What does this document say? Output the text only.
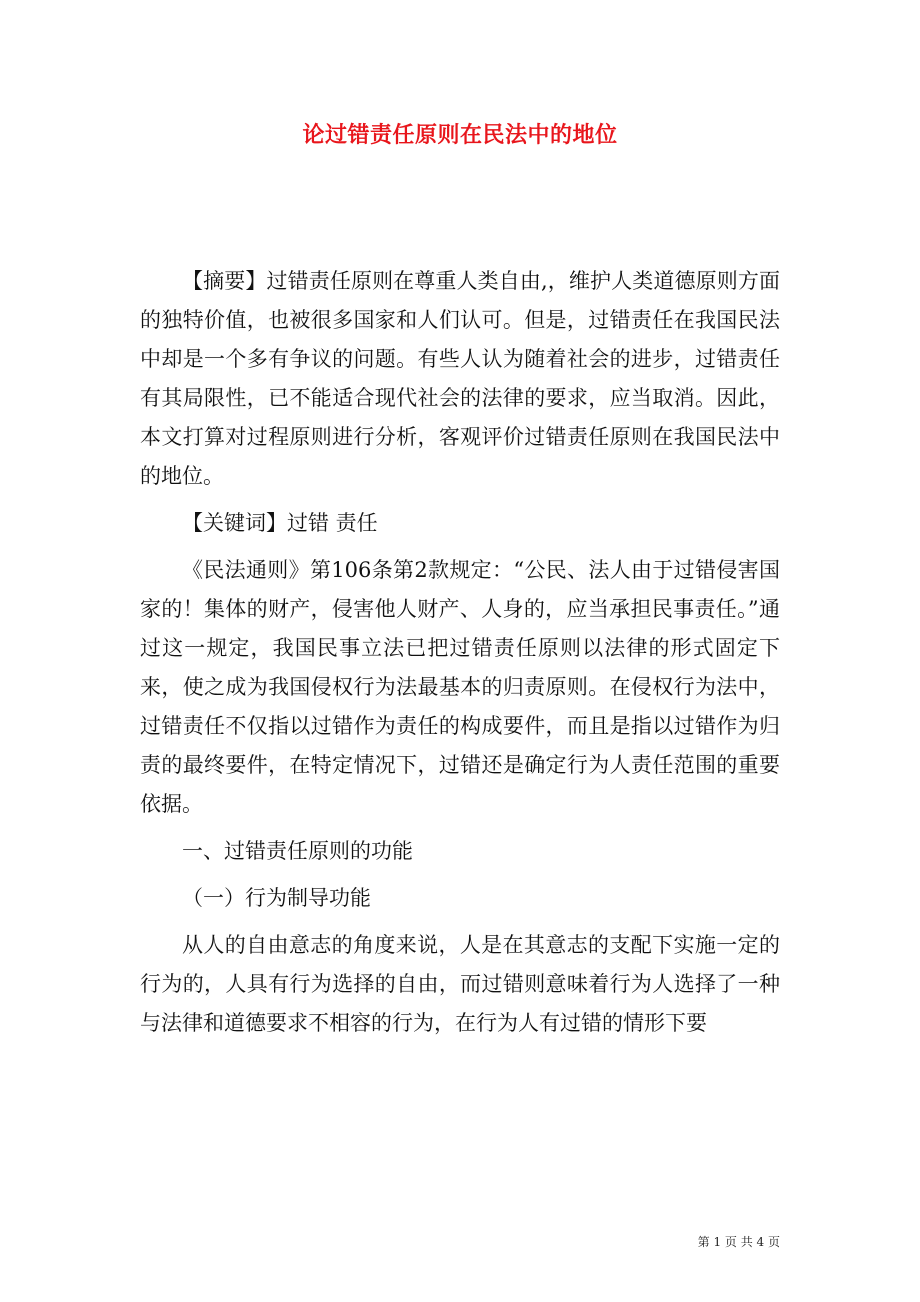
论过错责任原则在民法中的地位

【摘要】过错责任原则在尊重人类自由,，维护人类道德原则方面的独特价值，也被很多国家和人们认可。但是，过错责任在我国民法中却是一个多有争议的问题。有些人认为随着社会的进步，过错责任有其局限性，已不能适合现代社会的法律的要求，应当取消。因此，本文打算对过程原则进行分析，客观评价过错责任原则在我国民法中的地位。

【关键词】过错 责任

《民法通则》第106条第2款规定：“公民、法人由于过错侵害国家的！集体的财产，侵害他人财产、人身的，应当承担民事责任。”通过这一规定，我国民事立法已把过错责任原则以法律的形式固定下来，使之成为我国侵权行为法最基本的归责原则。在侵权行为法中，过错责任不仅指以过错作为责任的构成要件，而且是指以过错作为归责的最终要件，在特定情况下，过错还是确定行为人责任范围的重要依据。

一、过错责任原则的功能

（一）行为制导功能

从人的自由意志的角度来说，人是在其意志的支配下实施一定的行为的，人具有行为选择的自由，而过错则意味着行为人选择了一种与法律和道德要求不相容的行为，在行为人有过错的情形下要

第 1 页 共 4 页
